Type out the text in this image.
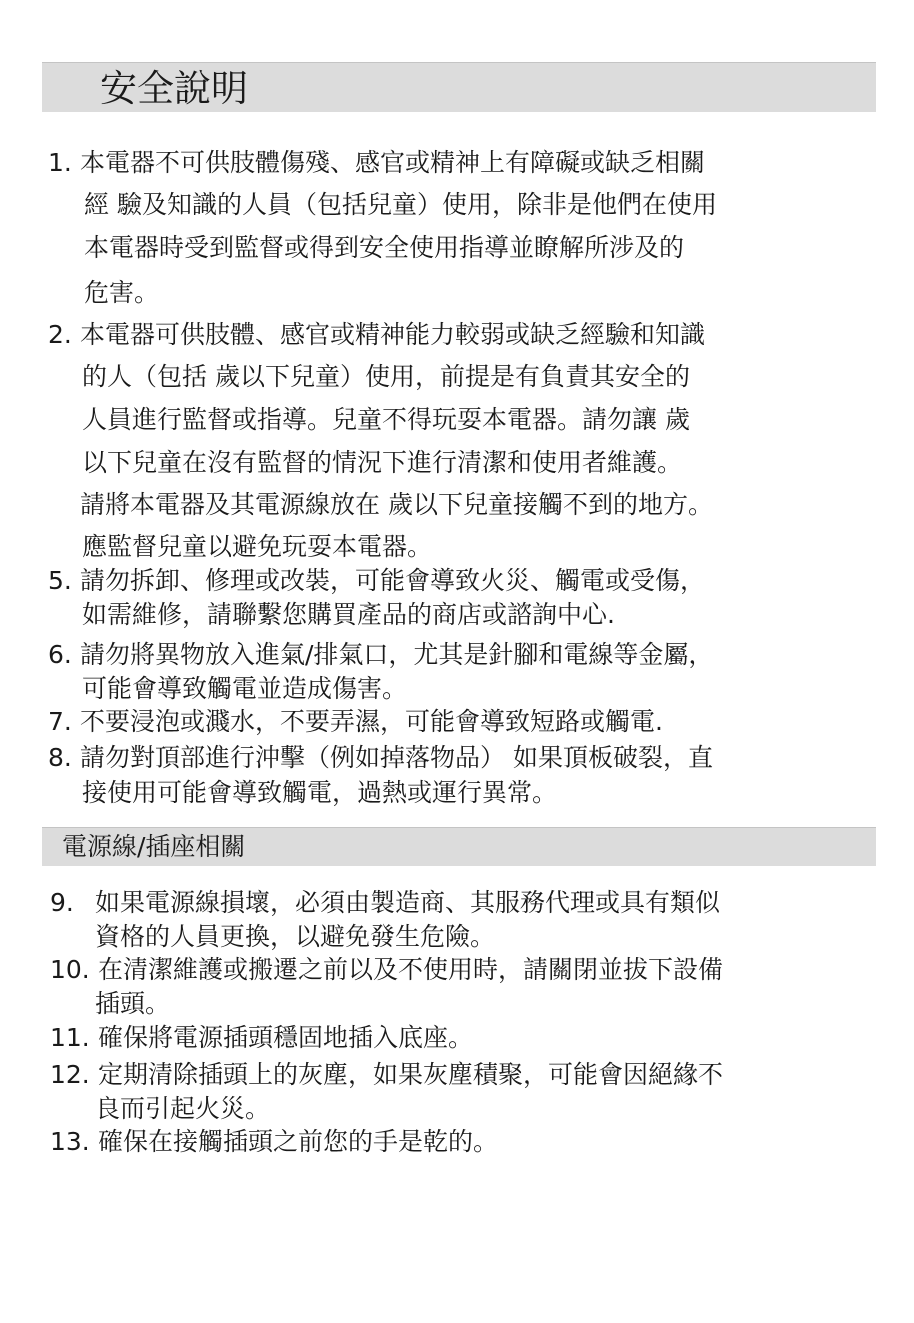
安全說明
1. 本電器不可供肢體傷殘、感官或精神上有障礙或缺乏相關
經 驗及知識的人員（包括兒童）使用，除非是他們在使用
本電器時受到監督或得到安全使用指導並瞭解所涉及的
危害。
2. 本電器可供肢體、感官或精神能力較弱或缺乏經驗和知識
的人（包括 歲以下兒童）使用，前提是有負責其安全的
人員進行監督或指導。兒童不得玩耍本電器。請勿讓 歲
以下兒童在沒有監督的情況下進行清潔和使用者維護。
請將本電器及其電源線放在 歲以下兒童接觸不到的地方。
應監督兒童以避免玩耍本電器。
5. 請勿拆卸、修理或改裝，可能會導致火災、觸電或受傷，
如需維修，請聯繫您購買產品的商店或諮詢中心.
6. 請勿將異物放入進氣/排氣口，尤其是針腳和電線等金屬，
可能會導致觸電並造成傷害。
7. 不要浸泡或濺水，不要弄濕，可能會導致短路或觸電.
8. 請勿對頂部進行沖擊（例如掉落物品） 如果頂板破裂，直
接使用可能會導致觸電，過熱或運行異常。
電源線/插座相關
9. 如果電源線損壞，必須由製造商、其服務代理或具有類似
資格的人員更換，以避免發生危險。
10. 在清潔維護或搬遷之前以及不使用時，請關閉並拔下設備
插頭。
11. 確保將電源插頭穩固地插入底座。
12. 定期清除插頭上的灰塵，如果灰塵積聚，可能會因絕緣不
良而引起火災。
13. 確保在接觸插頭之前您的手是乾的。
